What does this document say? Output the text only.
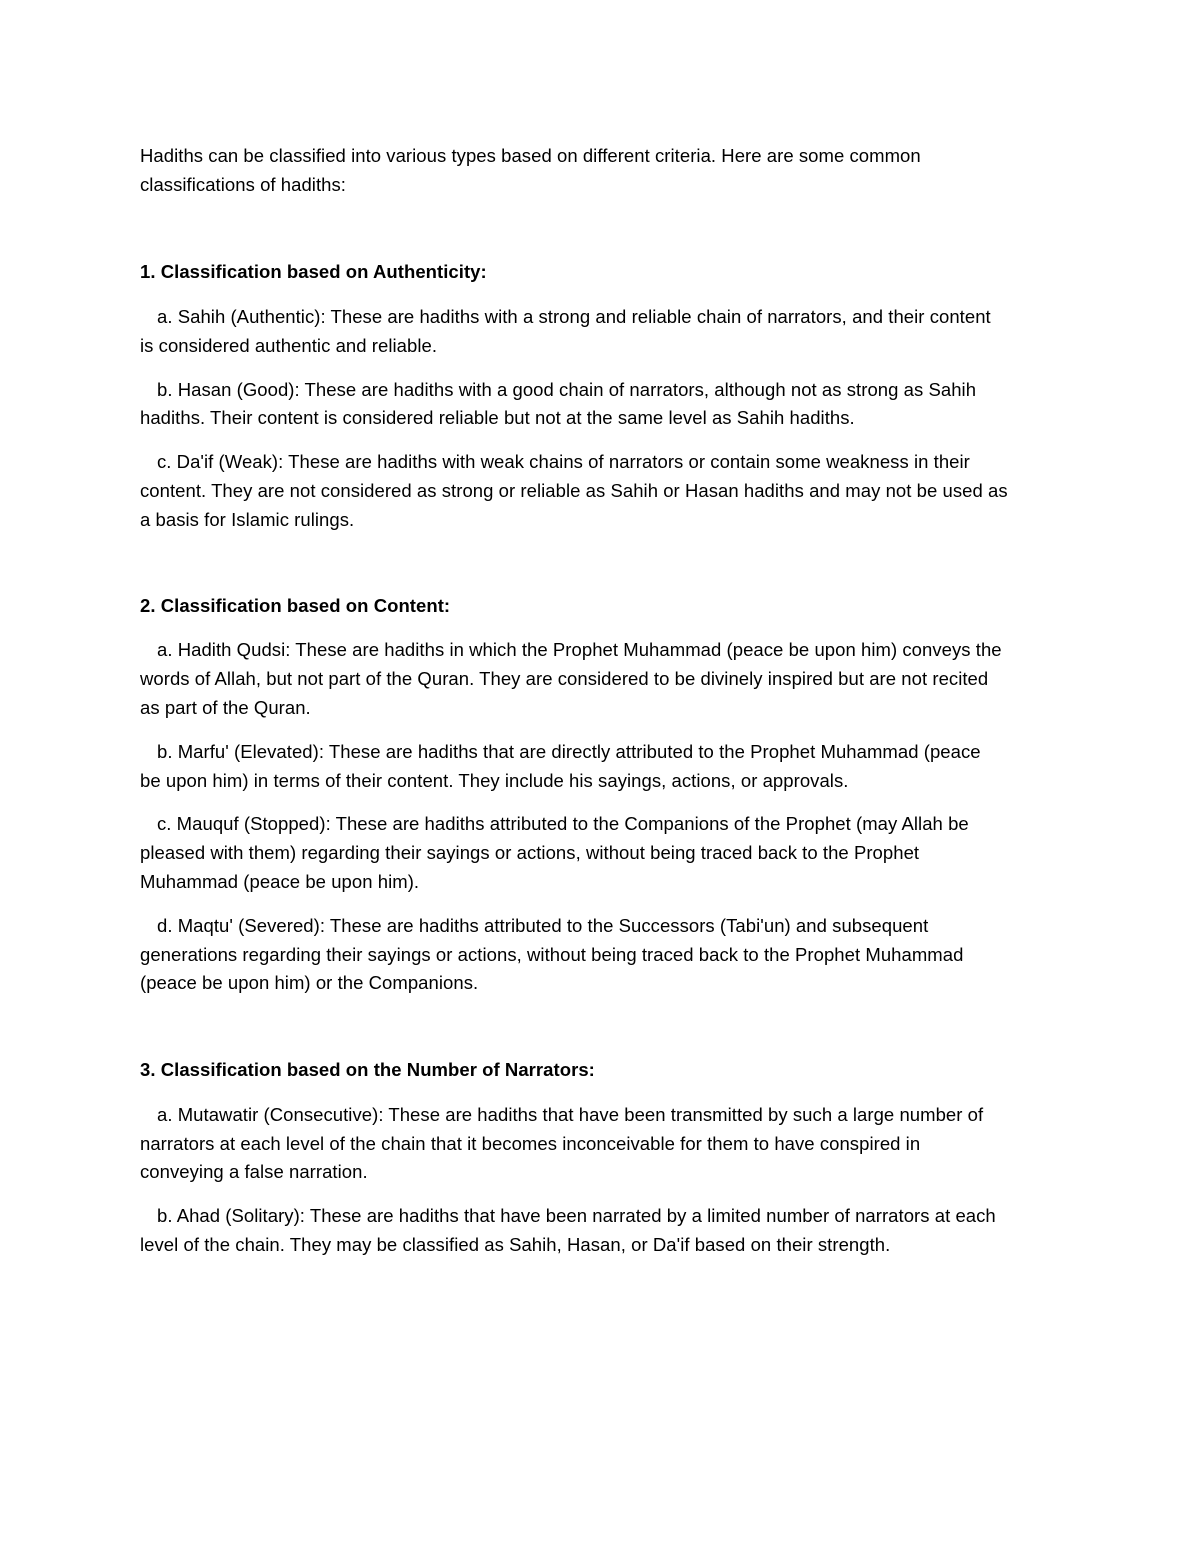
Hadiths can be classified into various types based on different criteria. Here are some common
classifications of hadiths:
1. Classification based on Authenticity:
a. Sahih (Authentic): These are hadiths with a strong and reliable chain of narrators, and their content
is considered authentic and reliable.
b. Hasan (Good): These are hadiths with a good chain of narrators, although not as strong as Sahih
hadiths. Their content is considered reliable but not at the same level as Sahih hadiths.
c. Da'if (Weak): These are hadiths with weak chains of narrators or contain some weakness in their
content. They are not considered as strong or reliable as Sahih or Hasan hadiths and may not be used as
a basis for Islamic rulings.
2. Classification based on Content:
a. Hadith Qudsi: These are hadiths in which the Prophet Muhammad (peace be upon him) conveys the
words of Allah, but not part of the Quran. They are considered to be divinely inspired but are not recited
as part of the Quran.
b. Marfu' (Elevated): These are hadiths that are directly attributed to the Prophet Muhammad (peace
be upon him) in terms of their content. They include his sayings, actions, or approvals.
c. Mauquf (Stopped): These are hadiths attributed to the Companions of the Prophet (may Allah be
pleased with them) regarding their sayings or actions, without being traced back to the Prophet
Muhammad (peace be upon him).
d. Maqtu' (Severed): These are hadiths attributed to the Successors (Tabi'un) and subsequent
generations regarding their sayings or actions, without being traced back to the Prophet Muhammad
(peace be upon him) or the Companions.
3. Classification based on the Number of Narrators:
a. Mutawatir (Consecutive): These are hadiths that have been transmitted by such a large number of
narrators at each level of the chain that it becomes inconceivable for them to have conspired in
conveying a false narration.
b. Ahad (Solitary): These are hadiths that have been narrated by a limited number of narrators at each
level of the chain. They may be classified as Sahih, Hasan, or Da'if based on their strength.
